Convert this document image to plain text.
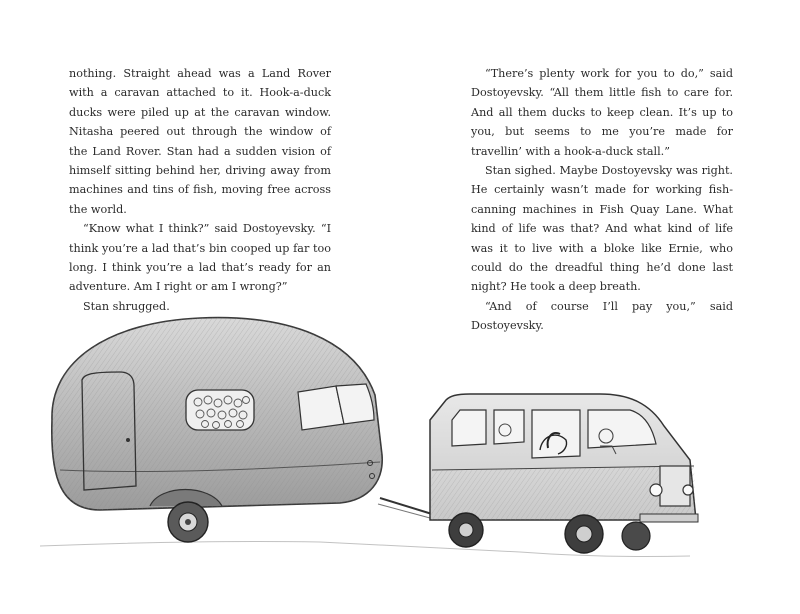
nothing. Straight ahead was a Land Rover with a caravan attached to it. Hook-a-duck ducks were piled up at the caravan window. Nitasha peered out through the window of the Land Rover. Stan had a sudden vision of himself sitting behind her, driving away from machines and tins of fish, moving free across the world.

“Know what I think?” said Dostoyevsky. “I think you’re a lad that’s bin cooped up far too long. I think you’re a lad that’s ready for an adventure. Am I right or am I wrong?”

Stan shrugged.

“There’s plenty work for you to do,” said Dostoyevsky. “All them little fish to care for. And all them ducks to keep clean. It’s up to you, but seems to me you’re made for travellin’ with a hook-a-duck stall.”

Stan sighed. Maybe Dostoyevsky was right. He certainly wasn’t made for working fish-canning machines in Fish Quay Lane. What kind of life was that? And what kind of life was it to live with a bloke like Ernie, who could do the dreadful thing he’d done last night? He took a deep breath.

“And of course I’ll pay you,” said Dostoyevsky.
